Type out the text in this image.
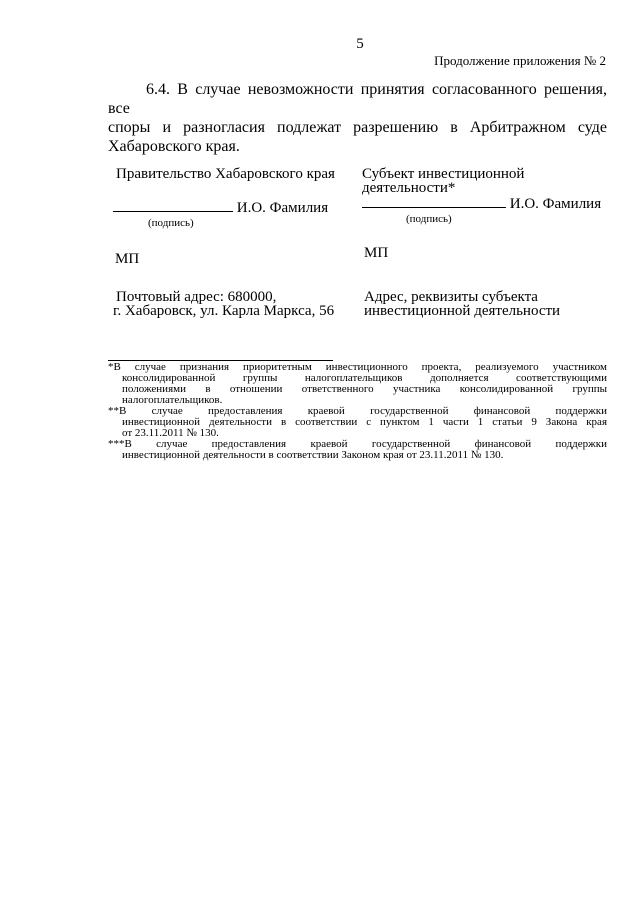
5
Продолжение приложения № 2
6.4. В случае невозможности принятия согласованного решения, все
споры и разногласия подлежат разрешению в Арбитражном суде
Хабаровского края.
Правительство Хабаровского края
И.О. Фамилия
(подпись)
МП
Почтовый адрес: 680000,
г. Хабаровск, ул. Карла Маркса, 56
Субъект инвестиционной
деятельности*
И.О. Фамилия
(подпись)
МП
Адрес, реквизиты субъекта
инвестиционной деятельности
*В случае признания приоритетным инвестиционного проекта, реализуемого участником
консолидированной группы налогоплательщиков дополняется соответствующими
положениями в отношении ответственного участника консолидированной группы
налогоплательщиков.
**В случае предоставления краевой государственной финансовой поддержки
инвестиционной деятельности в соответствии с пунктом 1 части 1 статьи 9 Закона края
от 23.11.2011 № 130.
***В случае предоставления краевой государственной финансовой поддержки
инвестиционной деятельности в соответствии Законом края от 23.11.2011 № 130.
